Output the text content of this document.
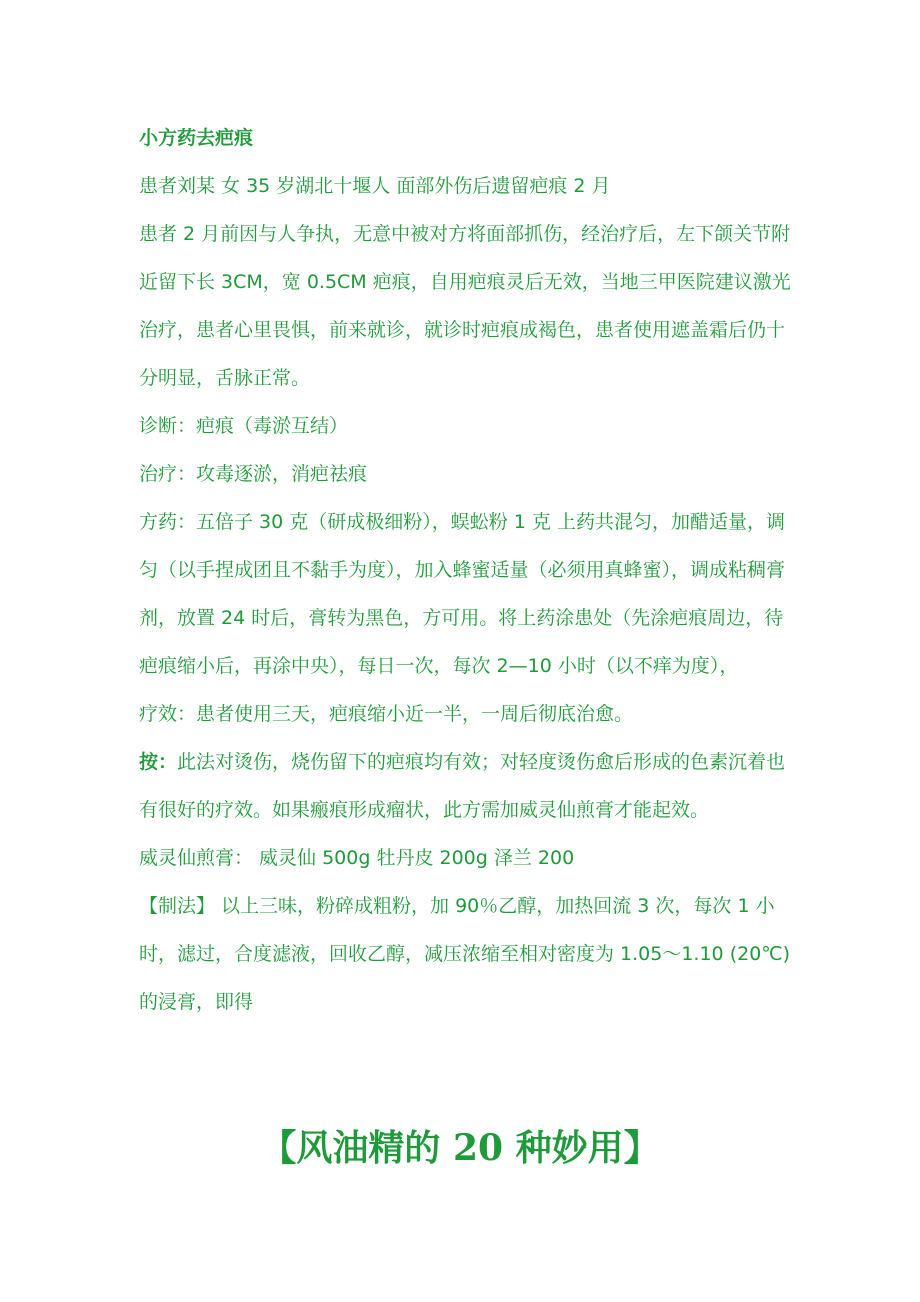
小方药去疤痕

患者刘某 女 35 岁湖北十堰人 面部外伤后遗留疤痕 2 月

患者 2 月前因与人争执，无意中被对方将面部抓伤，经治疗后，左下颌关节附近留下长 3CM，宽 0.5CM 疤痕，自用疤痕灵后无效，当地三甲医院建议激光治疗，患者心里畏惧，前来就诊，就诊时疤痕成褐色，患者使用遮盖霜后仍十分明显，舌脉正常。

诊断：疤痕（毒淤互结）

治疗：攻毒逐淤，消疤祛痕

方药：五倍子 30 克（研成极细粉），蜈蚣粉 1 克 上药共混匀，加醋适量，调匀（以手捏成团且不黏手为度），加入蜂蜜适量（必须用真蜂蜜），调成粘稠膏剂，放置 24 时后，膏转为黑色，方可用。将上药涂患处（先涂疤痕周边，待疤痕缩小后，再涂中央），每日一次，每次 2—10 小时（以不痒为度），

疗效：患者使用三天，疤痕缩小近一半，一周后彻底治愈。

按：此法对烫伤，烧伤留下的疤痕均有效；对轻度烫伤愈后形成的色素沉着也有很好的疗效。如果瘢痕形成瘤状，此方需加威灵仙煎膏才能起效。

威灵仙煎膏： 威灵仙 500g 牡丹皮 200g 泽兰 200

【制法】 以上三味，粉碎成粗粉，加 90％乙醇，加热回流 3 次，每次 1 小时，滤过，合度滤液，回收乙醇，减压浓缩至相对密度为 1.05～1.10 (20℃) 的浸膏，即得

【风油精的 20 种妙用】
